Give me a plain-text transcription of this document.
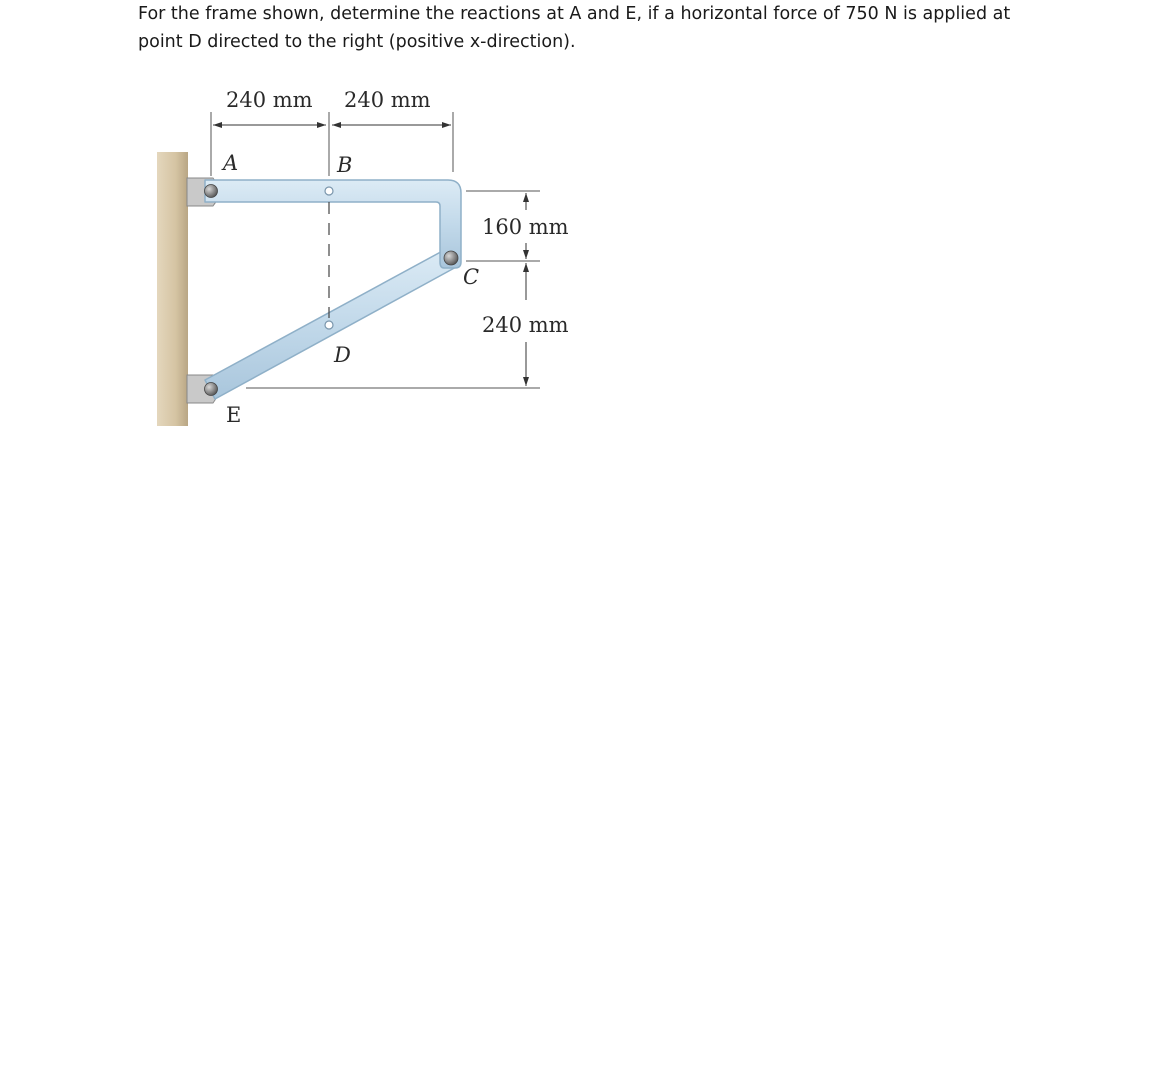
For the frame shown, determine the reactions at A and E, if a horizontal force of 750 N is applied at
point D directed to the right (positive x-direction).
240 mm 240 mm
160 mm
240 mm
A	B
C
D
E
